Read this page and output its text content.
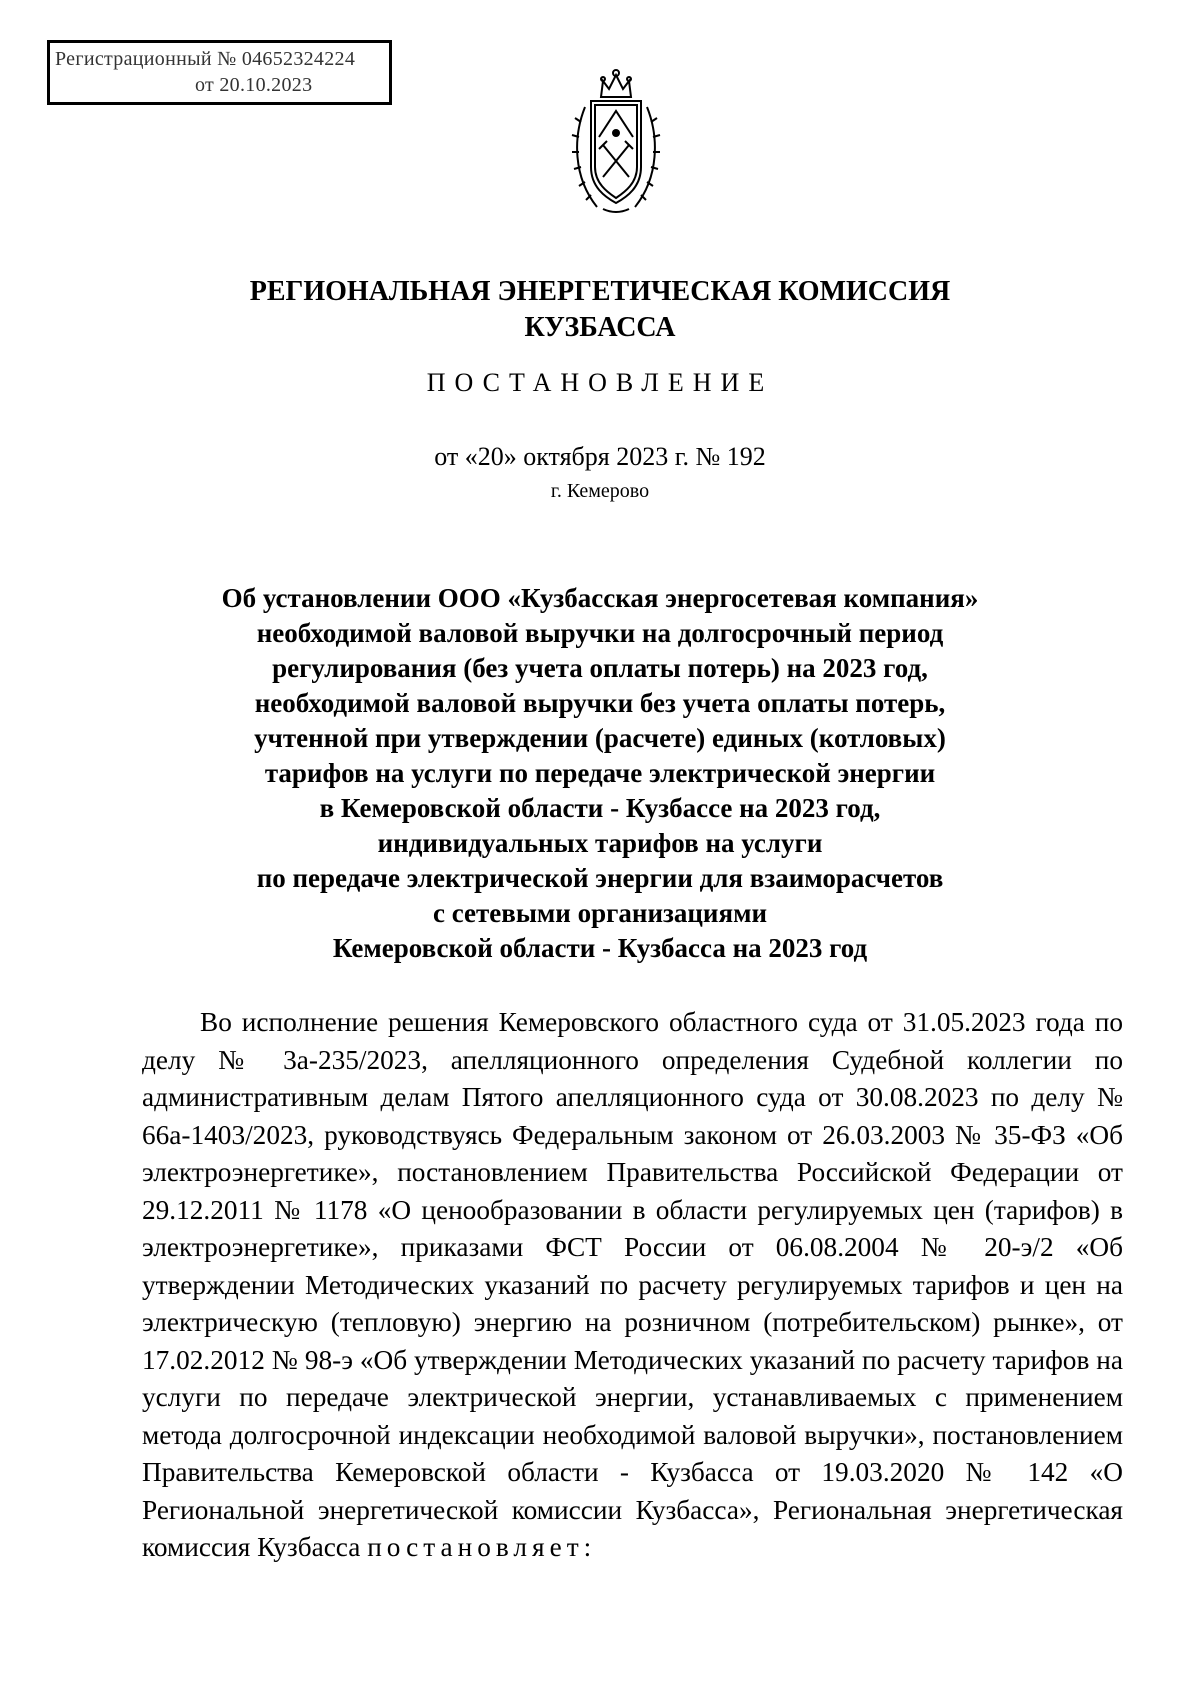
Регистрационный № 04652324224
от 20.10.2023
РЕГИОНАЛЬНАЯ ЭНЕРГЕТИЧЕСКАЯ КОМИССИЯ
КУЗБАССА
ПОСТАНОВЛЕНИЕ
от «20» октября 2023 г. № 192
г. Кемерово
Об установлении ООО «Кузбасская энергосетевая компания»
необходимой валовой выручки на долгосрочный период
регулирования (без учета оплаты потерь) на 2023 год,
необходимой валовой выручки без учета оплаты потерь,
учтенной при утверждении (расчете) единых (котловых)
тарифов на услуги по передаче электрической энергии
в Кемеровской области - Кузбассе на 2023 год,
индивидуальных тарифов на услуги
по передаче электрической энергии для взаиморасчетов
с сетевыми организациями
Кемеровской области - Кузбасса на 2023 год
Во исполнение решения Кемеровского областного суда от 31.05.2023 года по делу № 3а-235/2023, апелляционного определения Судебной коллегии по административным делам Пятого апелляционного суда от 30.08.2023 по делу № 66а-1403/2023, руководствуясь Федеральным законом от 26.03.2003 № 35-ФЗ «Об электроэнергетике», постановлением Правительства Российской Федерации от 29.12.2011 № 1178 «О ценообразовании в области регулируемых цен (тарифов) в электроэнергетике», приказами ФСТ России от 06.08.2004 № 20-э/2 «Об утверждении Методических указаний по расчету регулируемых тарифов и цен на электрическую (тепловую) энергию на розничном (потребительском) рынке», от 17.02.2012 № 98-э «Об утверждении Методических указаний по расчету тарифов на услуги по передаче электрической энергии, устанавливаемых с применением метода долгосрочной индексации необходимой валовой выручки», постановлением Правительства Кемеровской области - Кузбасса от 19.03.2020 № 142 «О Региональной энергетической комиссии Кузбасса», Региональная энергетическая комиссия Кузбасса постановляет:
